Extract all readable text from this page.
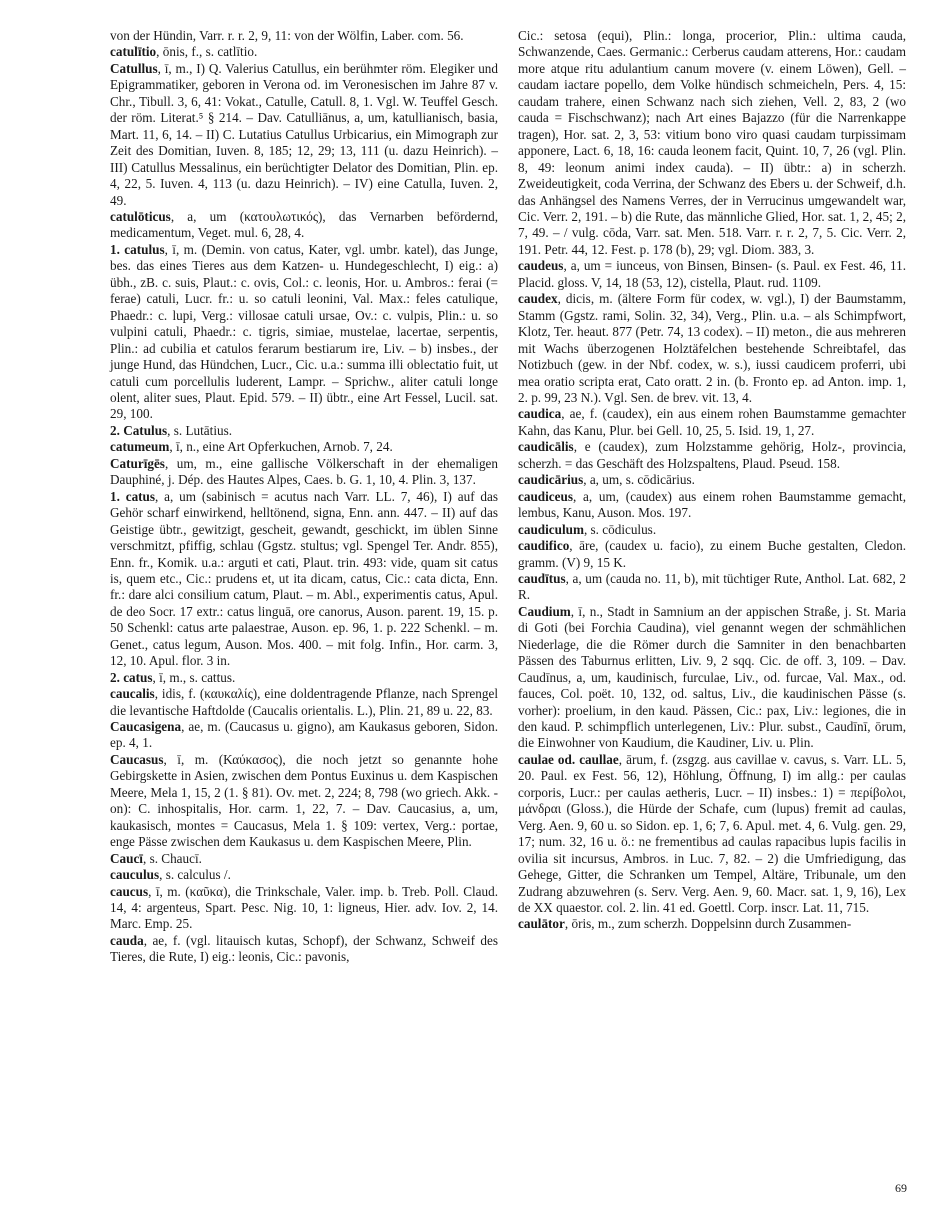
von der Hündin, Varr. r. r. 2, 9, 11: von der Wölfin, Laber. com. 56.

catulītio, ōnis, f., s. catlītio.

Catullus, ī, m., I) Q. Valerius Catullus, ein berühmter röm. Elegiker und Epigrammatiker, geboren in Verona od. im Veronesischen im Jahre 87 v. Chr., Tibull. 3, 6, 41: Vokat., Catulle, Catull. 8, 1. Vgl. W. Teuffel Gesch. der röm. Literat.⁵ § 214. – Dav. Catulliānus, a, um, katullianisch, basia, Mart. 11, 6, 14. – II) C. Lutatius Catullus Urbicarius, ein Mimograph zur Zeit des Domitian, Iuven. 8, 185; 12, 29; 13, 111 (u. dazu Heinrich). – III) Catullus Messalinus, ein berüchtigter Delator des Domitian, Plin. ep. 4, 22, 5. Iuven. 4, 113 (u. dazu Heinrich). – IV) eine Catulla, Iuven. 2, 49.

catulōticus, a, um (κατουλωτικός), das Vernarben befördernd, medicamentum, Veget. mul. 6, 28, 4.

1. catulus, ī, m. (Demin. von catus, Kater, vgl. umbr. katel), das Junge, bes. das eines Tieres aus dem Katzen- u. Hundegeschlecht, I) eig.: a) übh., zB. c. suis, Plaut.: c. ovis, Col.: c. leonis, Hor. u. Ambros.: ferai (= ferae) catuli, Lucr. fr.: u. so catuli leonini, Val. Max.: feles catulique, Phaedr.: c. lupi, Verg.: villosae catuli ursae, Ov.: c. vulpis, Plin.: u. so vulpini catuli, Phaedr.: c. tigris, simiae, mustelae, lacertae, serpentis, Plin.: ad cubilia et catulos ferarum bestiarum ire, Liv. – b) insbes., der junge Hund, das Hündchen, Lucr., Cic. u.a.: summa illi oblectatio fuit, ut catuli cum porcellulis luderent, Lampr. – Sprichw., aliter catuli longe olent, aliter sues, Plaut. Epid. 579. – II) übtr., eine Art Fessel, Lucil. sat. 29, 100.

2. Catulus, s. Lutātius.

catumeum, ī, n., eine Art Opferkuchen, Arnob. 7, 24.

Caturīgēs, um, m., eine gallische Völkerschaft in der ehemaligen Dauphiné, j. Dép. des Hautes Alpes, Caes. b. G. 1, 10, 4. Plin. 3, 137.

1. catus, a, um (sabinisch = acutus nach Varr. LL. 7, 46), I) auf das Gehör scharf einwirkend, helltönend, signa, Enn. ann. 447. – II) auf das Geistige übtr., gewitzigt, gescheit, gewandt, geschickt, im üblen Sinne verschmitzt, pfiffig, schlau (Ggstz. stultus; vgl. Spengel Ter. Andr. 855), Enn. fr., Komik. u.a.: arguti et cati, Plaut. trin. 493: vide, quam sit catus is, quem etc., Cic.: prudens et, ut ita dicam, catus, Cic.: cata dicta, Enn. fr.: dare alci consilium catum, Plaut. – m. Abl., experimentis catus, Apul. de deo Socr. 17 extr.: catus linguā, ore canorus, Auson. parent. 19, 15. p. 50 Schenkl: catus arte palaestrae, Auson. ep. 96, 1. p. 222 Schenkl. – m. Genet., catus legum, Auson. Mos. 400. – mit folg. Infin., Hor. carm. 3, 12, 10. Apul. flor. 3 in.

2. catus, ī, m., s. cattus.

caucalis, idis, f. (καυκαλίς), eine doldentragende Pflanze, nach Sprengel die levantische Haftdolde (Caucalis orientalis. L.), Plin. 21, 89 u. 22, 83.

Caucasigena, ae, m. (Caucasus u. gigno), am Kaukasus geboren, Sidon. ep. 4, 1.

Caucasus, ī, m. (Καύκασος), die noch jetzt so genannte hohe Gebirgskette in Asien, zwischen dem Pontus Euxinus u. dem Kaspischen Meere, Mela 1, 15, 2 (1. § 81). Ov. met. 2, 224; 8, 798 (wo griech. Akk. -on): C. inhospitalis, Hor. carm. 1, 22, 7. – Dav. Caucasius, a, um, kaukasisch, montes = Caucasus, Mela 1. § 109: vertex, Verg.: portae, enge Pässe zwischen dem Kaukasus u. dem Kaspischen Meere, Plin.

Caucī, s. Chaucī.

cauculus, s. calculus /.

caucus, ī, m. (καῦκα), die Trinkschale, Valer. imp. b. Treb. Poll. Claud. 14, 4: argenteus, Spart. Pesc. Nig. 10, 1: ligneus, Hier. adv. Iov. 2, 14. Marc. Emp. 25.

cauda, ae, f. (vgl. litauisch kutas, Schopf), der Schwanz, Schweif des Tieres, die Rute, I) eig.: leonis, Cic.: pavonis,

Cic.: setosa (equi), Plin.: longa, procerior, Plin.: ultima cauda, Schwanzende, Caes. Germanic.: Cerberus caudam atterens, Hor.: caudam more atque ritu adulantium canum movere (v. einem Löwen), Gell. – caudam iactare popello, dem Volke hündisch schmeicheln, Pers. 4, 15: caudam trahere, einen Schwanz nach sich ziehen, Vell. 2, 83, 2 (wo cauda = Fischschwanz); nach Art eines Bajazzo (für die Narrenkappe tragen), Hor. sat. 2, 3, 53: vitium bono viro quasi caudam turpissimam apponere, Lact. 6, 18, 16: cauda leonem facit, Quint. 10, 7, 26 (vgl. Plin. 8, 49: leonum animi index cauda). – II) übtr.: a) in scherzh. Zweideutigkeit, coda Verrina, der Schwanz des Ebers u. der Schweif, d.h. das Anhängsel des Namens Verres, der in Verrucinus umgewandelt war, Cic. Verr. 2, 191. – b) die Rute, das männliche Glied, Hor. sat. 1, 2, 45; 2, 7, 49. – / vulg. cōda, Varr. sat. Men. 518. Varr. r. r. 2, 7, 5. Cic. Verr. 2, 191. Petr. 44, 12. Fest. p. 178 (b), 29; vgl. Diom. 383, 3.

caudeus, a, um = iunceus, von Binsen, Binsen- (s. Paul. ex Fest. 46, 11. Placid. gloss. V, 14, 18 (53, 12), cistella, Plaut. rud. 1109.

caudex, dicis, m. (ältere Form für codex, w. vgl.), I) der Baumstamm, Stamm (Ggstz. rami, Solin. 32, 34), Verg., Plin. u.a. – als Schimpfwort, Klotz, Ter. heaut. 877 (Petr. 74, 13 codex). – II) meton., die aus mehreren mit Wachs überzogenen Holztäfelchen bestehende Schreibtafel, das Notizbuch (gew. in der Nbf. codex, w. s.), iussi caudicem proferri, ubi mea oratio scripta erat, Cato oratt. 2 in. (b. Fronto ep. ad Anton. imp. 1, 2. p. 99, 23 N.). Vgl. Sen. de brev. vit. 13, 4.

caudica, ae, f. (caudex), ein aus einem rohen Baumstamme gemachter Kahn, das Kanu, Plur. bei Gell. 10, 25, 5. Isid. 19, 1, 27.

caudicālis, e (caudex), zum Holzstamme gehörig, Holz-, provincia, scherzh. = das Geschäft des Holzspaltens, Plaud. Pseud. 158.

caudicārius, a, um, s. cōdicārius.

caudiceus, a, um, (caudex) aus einem rohen Baumstamme gemacht, lembus, Kanu, Auson. Mos. 197.

caudiculum, s. cōdiculus.

caudifico, āre, (caudex u. facio), zu einem Buche gestalten, Cledon. gramm. (V) 9, 15 K.

caudītus, a, um (cauda no. 11, b), mit tüchtiger Rute, Anthol. Lat. 682, 2 R.

Caudium, ī, n., Stadt in Samnium an der appischen Straße, j. St. Maria di Goti (bei Forchia Caudina), viel genannt wegen der schmählichen Niederlage, die die Römer durch die Samniter in den benachbarten Pässen des Taburnus erlitten, Liv. 9, 2 sqq. Cic. de off. 3, 109. – Dav. Caudīnus, a, um, kaudinisch, furculae, Liv., od. furcae, Val. Max., od. fauces, Col. poët. 10, 132, od. saltus, Liv., die kaudinischen Pässe (s. vorher): proelium, in den kaud. Pässen, Cic.: pax, Liv.: legiones, die in den kaud. P. schimpflich unterlegenen, Liv.: Plur. subst., Caudīnī, ōrum, die Einwohner von Kaudium, die Kaudiner, Liv. u. Plin.

caulae od. caullae, ārum, f. (zsgzg. aus cavillae v. cavus, s. Varr. LL. 5, 20. Paul. ex Fest. 56, 12), Höhlung, Öffnung, I) im allg.: per caulas corporis, Lucr.: per caulas aetheris, Lucr. – II) insbes.: 1) = περίβολοι, μάνδραι (Gloss.), die Hürde der Schafe, cum (lupus) fremit ad caulas, Verg. Aen. 9, 60 u. so Sidon. ep. 1, 6; 7, 6. Apul. met. 4, 6. Vulg. gen. 29, 17; num. 32, 16 u. ö.: ne frementibus ad caulas rapacibus lupis facilis in ovilia sit incursus, Ambros. in Luc. 7, 82. – 2) die Umfriedigung, das Gehege, Gitter, die Schranken um Tempel, Altäre, Tribunale, um den Zudrang abzuwehren (s. Serv. Verg. Aen. 9, 60. Macr. sat. 1, 9, 16), Lex de XX quaestor. col. 2. lin. 41 ed. Goettl. Corp. inscr. Lat. 11, 715.

caulātor, ōris, m., zum scherzh. Doppelsinn durch Zusammen-

69
